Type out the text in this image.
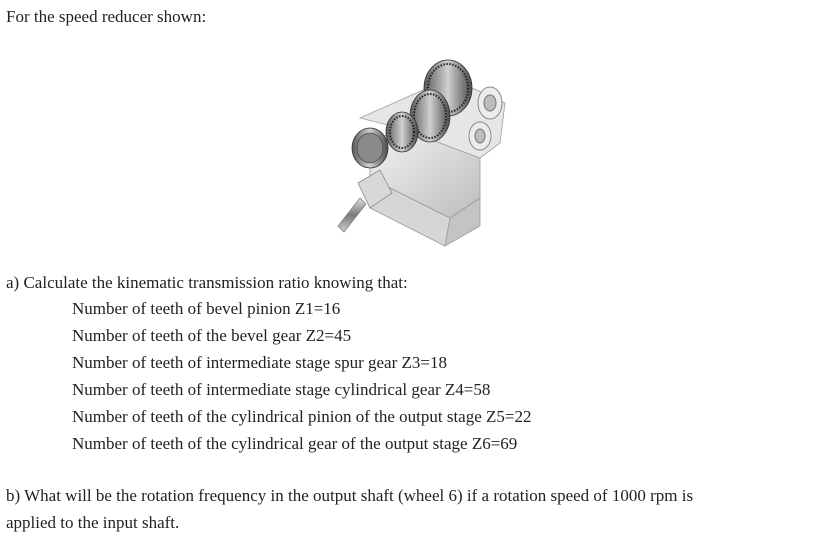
For the speed reducer shown:
a) Calculate the kinematic transmission ratio knowing that:
Number of teeth of bevel pinion Z1=16
Number of teeth of the bevel gear Z2=45
Number of teeth of intermediate stage spur gear Z3=18
Number of teeth of intermediate stage cylindrical gear Z4=58
Number of teeth of the cylindrical pinion of the output stage Z5=22
Number of teeth of the cylindrical gear of the output stage Z6=69
b) What will be the rotation frequency in the output shaft (wheel 6) if a rotation speed of 1000 rpm is
applied to the input shaft.
